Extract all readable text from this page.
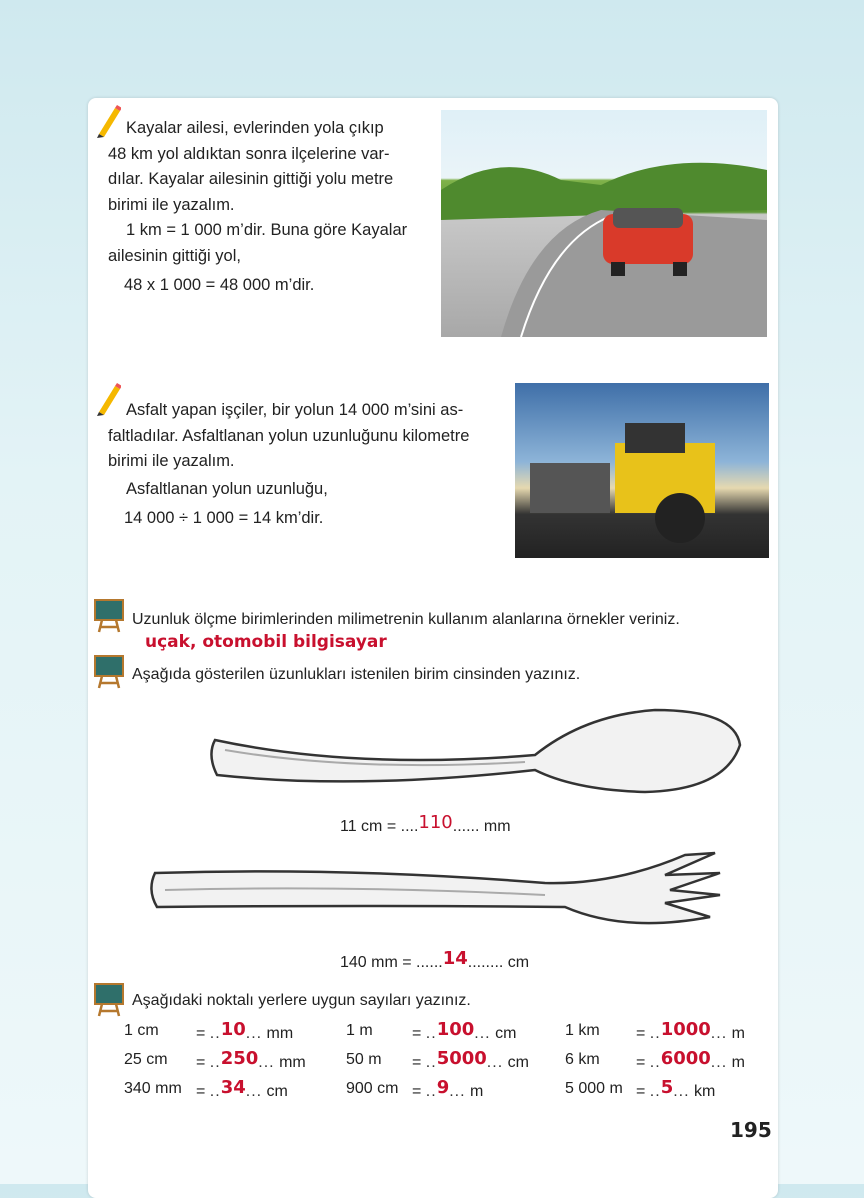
Kayalar ailesi, evlerinden yola çıkıp
48 km yol aldıktan sonra ilçelerine var-
dılar. Kayalar ailesinin gittiği yolu metre
birimi ile yazalım.
1 km = 1 000 m’dir. Buna göre Kayalar
ailesinin gittiği yol,
48 x 1 000 = 48 000 m’dir.
Asfalt yapan işçiler, bir yolun 14 000 m’sini as-
faltladılar. Asfaltlanan yolun uzunluğunu kilometre
birimi ile yazalım.
Asfaltlanan yolun uzunluğu,
14 000 ÷ 1 000 = 14 km’dir.
Uzunluk ölçme birimlerinden milimetrenin kullanım alanlarına örnekler veriniz.
uçak, otomobil bilgisayar
Aşağıda gösterilen üzunlukları istenilen birim cinsinden yazınız.
11 cm = ....110...... mm
140 mm = ......14........ cm
Aşağıdaki noktalı yerlere uygun sayıları yazınız.
1 cm = ..10... mm	1 m = ..100... cm	1 km = ..1000... m
25 cm = ..250... mm	50 m = ..5000... cm 6 km = ..6000... m
340 mm = ..34... cm	900 cm = ..9... m	5 000 m = ..5... km
195
